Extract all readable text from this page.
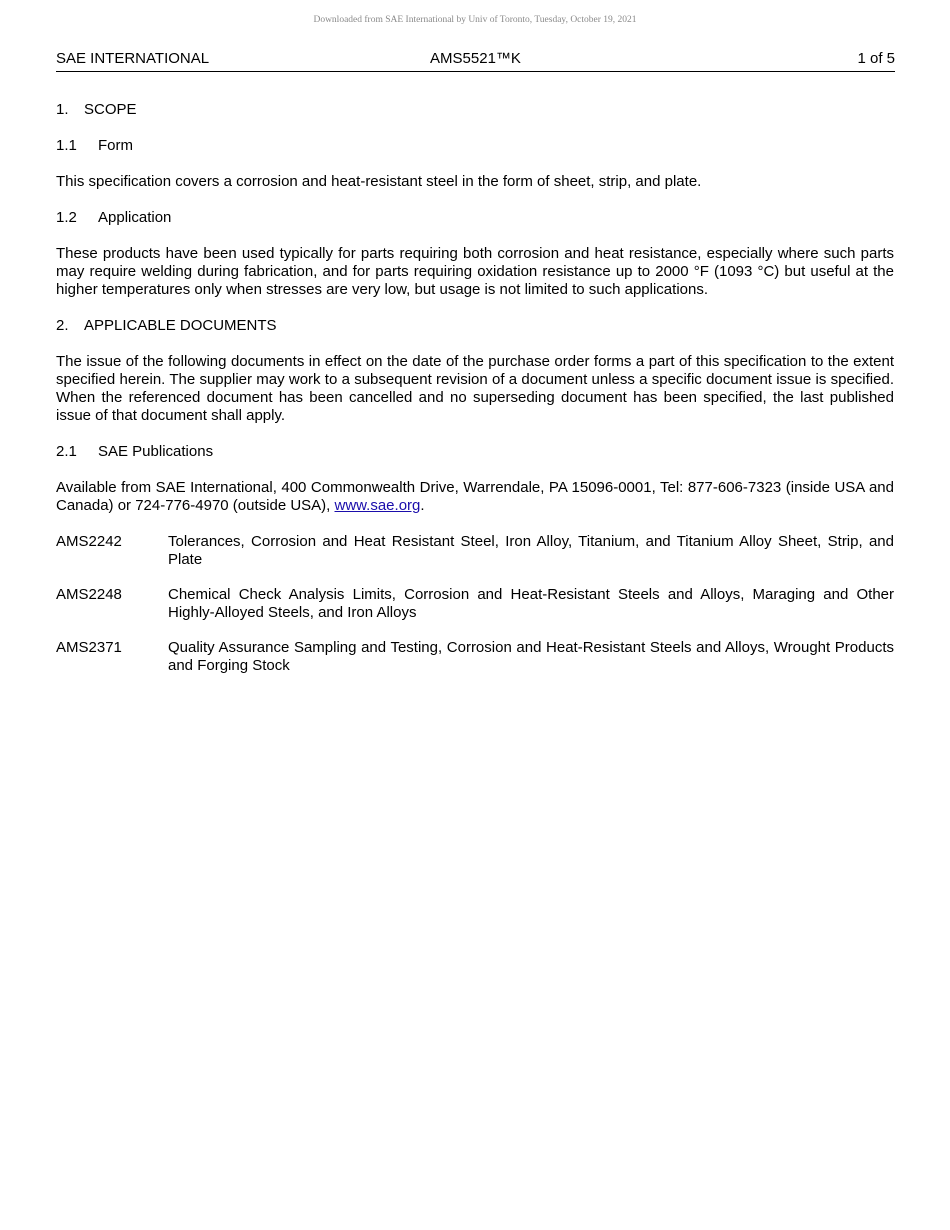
Downloaded from SAE International by Univ of Toronto, Tuesday, October 19, 2021
SAE INTERNATIONAL	AMS5521™K	1 of 5
1.	SCOPE
1.1	Form

This specification covers a corrosion and heat-resistant steel in the form of sheet, strip, and plate.

1.2	Application

These products have been used typically for parts requiring both corrosion and heat resistance, especially where such parts may require welding during fabrication, and for parts requiring oxidation resistance up to 2000 °F (1093 °C) but useful at the higher temperatures only when stresses are very low, but usage is not limited to such applications.

2.	APPLICABLE DOCUMENTS

The issue of the following documents in effect on the date of the purchase order forms a part of this specification to the extent specified herein. The supplier may work to a subsequent revision of a document unless a specific document issue is specified. When the referenced document has been cancelled and no superseding document has been specified, the last published issue of that document shall apply.

2.1	SAE Publications

Available from SAE International, 400 Commonwealth Drive, Warrendale, PA 15096-0001, Tel: 877-606-7323 (inside USA and Canada) or 724-776-4970 (outside USA), www.sae.org.

AMS2242	Tolerances, Corrosion and Heat Resistant Steel, Iron Alloy, Titanium, and Titanium Alloy Sheet, Strip, and Plate
AMS2248	Chemical Check Analysis Limits, Corrosion and Heat-Resistant Steels and Alloys, Maraging and Other Highly-Alloyed Steels, and Iron Alloys
AMS2371	Quality Assurance Sampling and Testing, Corrosion and Heat-Resistant Steels and Alloys, Wrought Products and Forging Stock
